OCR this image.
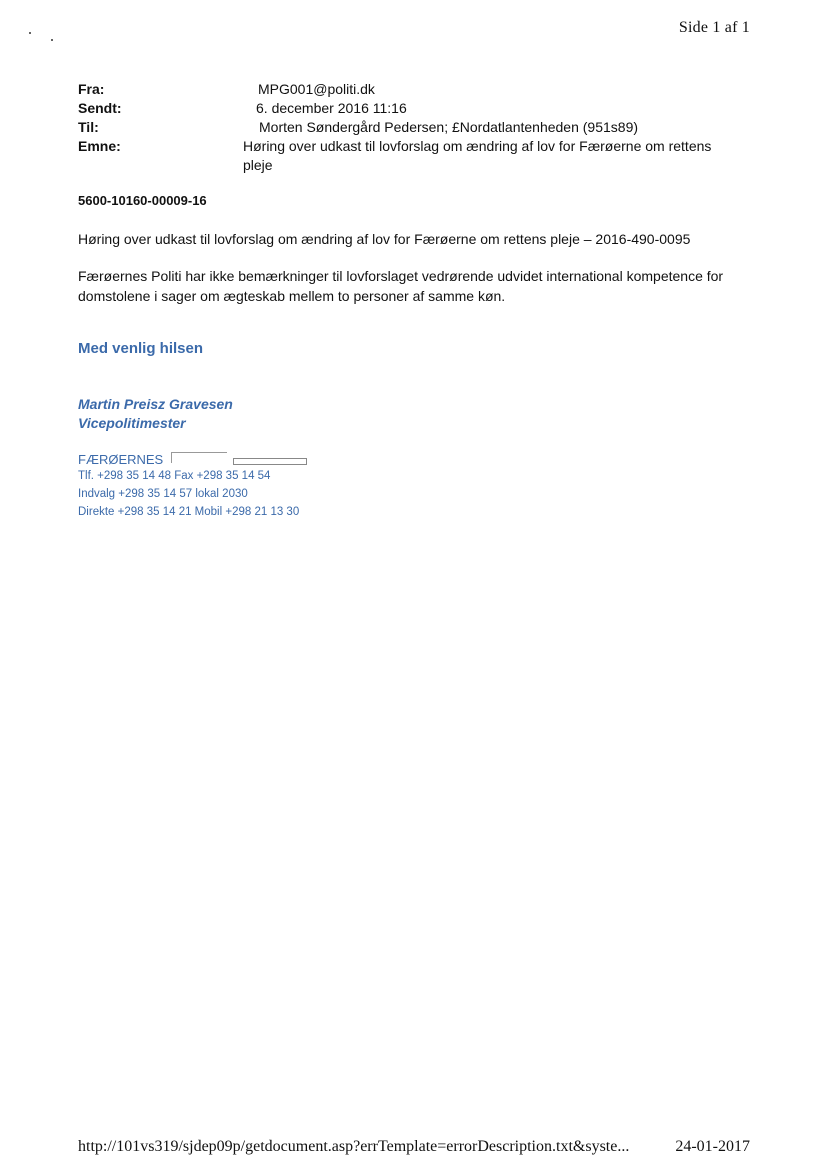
Side 1 af 1
Fra:	MPG001@politi.dk
Sendt:	6. december 2016 11:16
Til:	Morten Søndergård Pedersen; £Nordatlantenheden (951s89)
Emne:	Høring over udkast til lovforslag om ændring af lov for Færøerne om rettens pleje
5600-10160-00009-16
Høring over udkast til lovforslag om ændring af lov for Færøerne om rettens pleje – 2016-490-0095
Færøernes Politi har ikke bemærkninger til lovforslaget vedrørende udvidet international kompetence for domstolene i sager om ægteskab mellem to personer af samme køn.
Med venlig hilsen
Martin Preisz Gravesen
Vicepolitimester
FÆRØERNES
Tlf. +298 35 14 48 Fax +298 35 14 54
Indvalg +298 35 14 57 lokal 2030
Direkte +298 35 14 21 Mobil +298 21 13 30
http://101vs319/sjdep09p/getdocument.asp?errTemplate=errorDescription.txt&syste...	24-01-2017
